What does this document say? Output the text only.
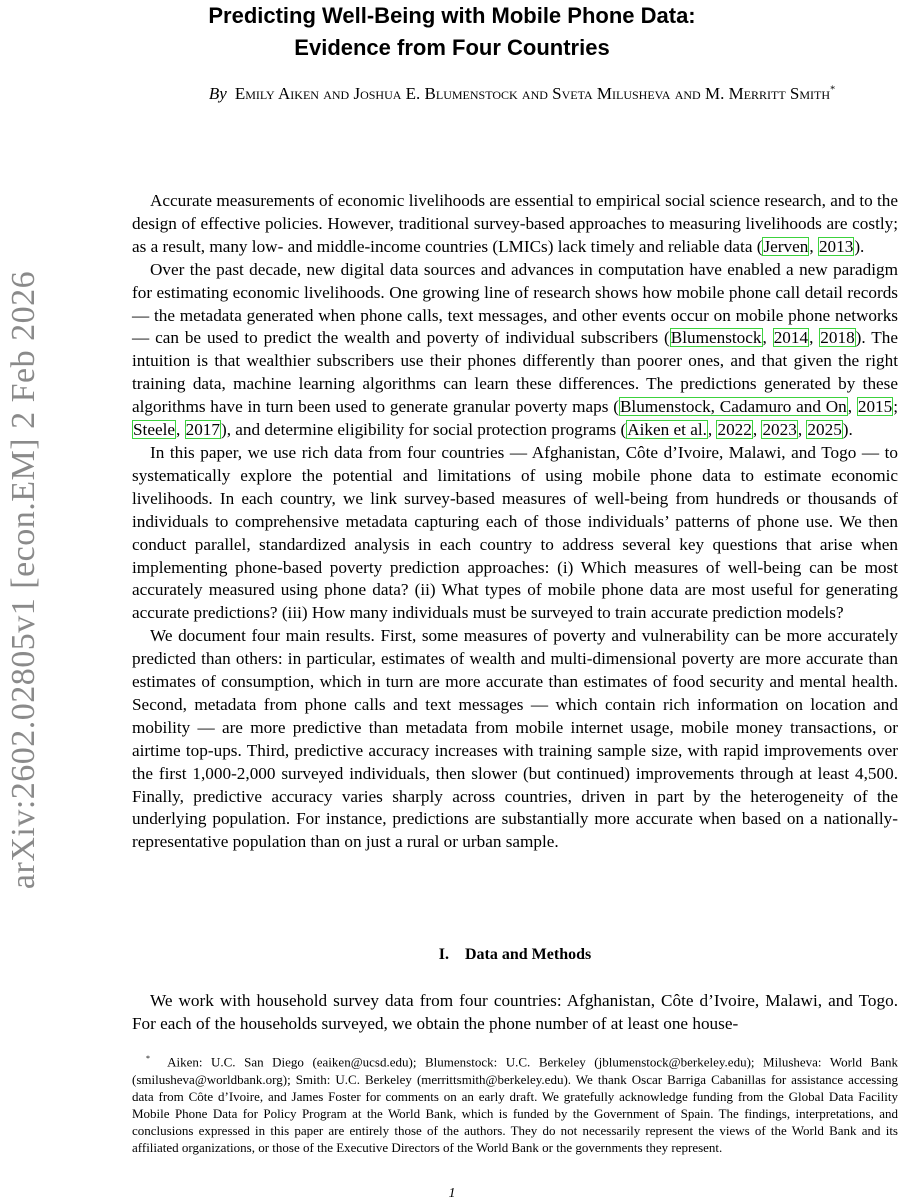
arXiv:2602.02805v1 [econ.EM] 2 Feb 2026
Predicting Well-Being with Mobile Phone Data:
Evidence from Four Countries
By Emily Aiken and Joshua E. Blumenstock and Sveta Milusheva and M. Merritt Smith*

Accurate measurements of economic livelihoods are essential to empirical social science research, and to the design of effective policies. However, traditional survey-based approaches to measuring livelihoods are costly; as a result, many low- and middle-income countries (LMICs) lack timely and reliable data (Jerven, 2013).

Over the past decade, new digital data sources and advances in computation have enabled a new paradigm for estimating economic livelihoods. One growing line of research shows how mobile phone call detail records — the metadata generated when phone calls, text messages, and other events occur on mobile phone networks — can be used to predict the wealth and poverty of individual subscribers (Blumenstock, 2014, 2018). The intuition is that wealthier subscribers use their phones differently than poorer ones, and that given the right training data, machine learning algorithms can learn these differences. The predictions generated by these algorithms have in turn been used to generate granular poverty maps (Blumenstock, Cadamuro and On, 2015; Steele, 2017), and determine eligibility for social protection programs (Aiken et al., 2022, 2023, 2025).

In this paper, we use rich data from four countries — Afghanistan, Côte d’Ivoire, Malawi, and Togo — to systematically explore the potential and limitations of using mobile phone data to estimate economic livelihoods. In each country, we link survey-based measures of well-being from hundreds or thousands of individuals to comprehensive metadata capturing each of those individuals’ patterns of phone use. We then conduct parallel, standardized analysis in each country to address several key questions that arise when implementing phone-based poverty prediction approaches: (i) Which measures of well-being can be most accurately measured using phone data? (ii) What types of mobile phone data are most useful for generating accurate predictions? (iii) How many individuals must be surveyed to train accurate prediction models?

We document four main results. First, some measures of poverty and vulnerability can be more accurately predicted than others: in particular, estimates of wealth and multi-dimensional poverty are more accurate than estimates of consumption, which in turn are more accurate than estimates of food security and mental health. Second, metadata from phone calls and text messages — which contain rich information on location and mobility — are more predictive than metadata from mobile internet usage, mobile money transactions, or airtime top-ups. Third, predictive accuracy increases with training sample size, with rapid improvements over the first 1,000-2,000 surveyed individuals, then slower (but continued) improvements through at least 4,500. Finally, predictive accuracy varies sharply across countries, driven in part by the heterogeneity of the underlying population. For instance, predictions are substantially more accurate when based on a nationally-representative population than on just a rural or urban sample.

I. Data and Methods

We work with household survey data from four countries: Afghanistan, Côte d’Ivoire, Malawi, and Togo. For each of the households surveyed, we obtain the phone number of at least one house-

* Aiken: U.C. San Diego (eaiken@ucsd.edu); Blumenstock: U.C. Berkeley (jblumenstock@berkeley.edu); Milusheva: World Bank (smilusheva@worldbank.org); Smith: U.C. Berkeley (merrittsmith@berkeley.edu). We thank Oscar Barriga Cabanillas for assistance accessing data from Côte d’Ivoire, and James Foster for comments on an early draft. We gratefully acknowledge funding from the Global Data Facility Mobile Phone Data for Policy Program at the World Bank, which is funded by the Government of Spain. The findings, interpretations, and conclusions expressed in this paper are entirely those of the authors. They do not necessarily represent the views of the World Bank and its affiliated organizations, or those of the Executive Directors of the World Bank or the governments they represent.

1
